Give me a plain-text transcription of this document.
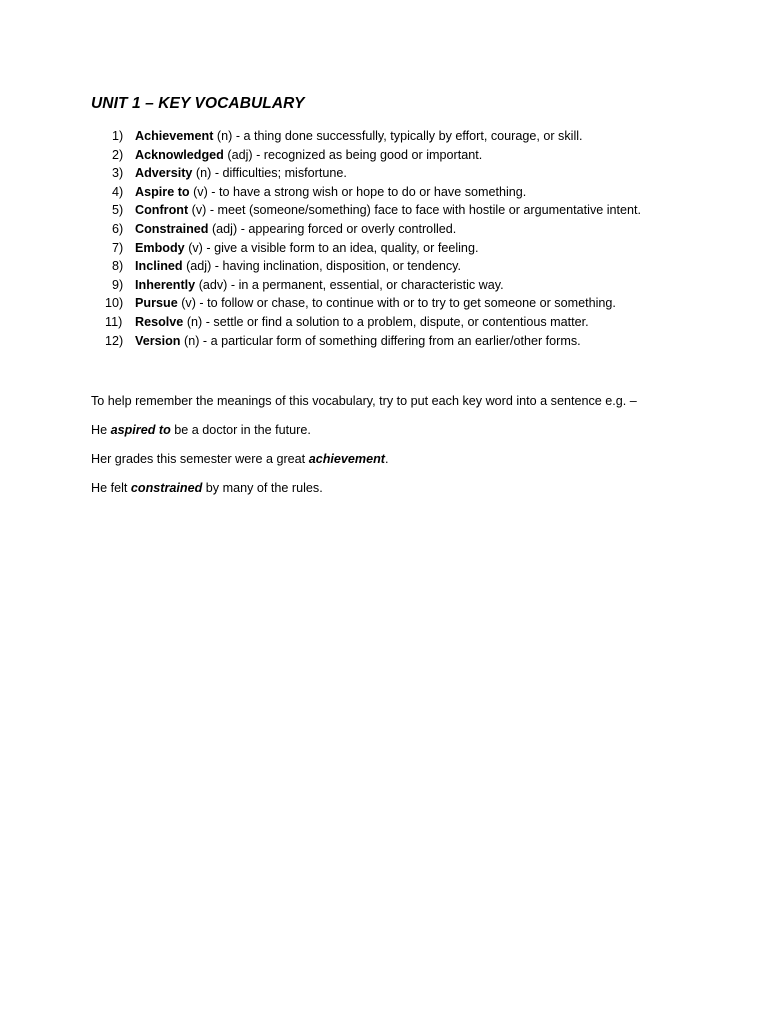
UNIT 1 – KEY VOCABULARY
1) Achievement (n) - a thing done successfully, typically by effort, courage, or skill.
2) Acknowledged (adj) - recognized as being good or important.
3) Adversity (n) - difficulties; misfortune.
4) Aspire to (v) - to have a strong wish or hope to do or have something.
5) Confront (v) - meet (someone/something) face to face with hostile or argumentative intent.
6) Constrained (adj) - appearing forced or overly controlled.
7) Embody (v) - give a visible form to an idea, quality, or feeling.
8) Inclined (adj) - having inclination, disposition, or tendency.
9) Inherently (adv) - in a permanent, essential, or characteristic way.
10) Pursue (v) - to follow or chase, to continue with or to try to get someone or something.
11) Resolve (n) - settle or find a solution to a problem, dispute, or contentious matter.
12) Version (n) - a particular form of something differing from an earlier/other forms.
To help remember the meanings of this vocabulary, try to put each key word into a sentence e.g. –
He aspired to be a doctor in the future.
Her grades this semester were a great achievement.
He felt constrained by many of the rules.
